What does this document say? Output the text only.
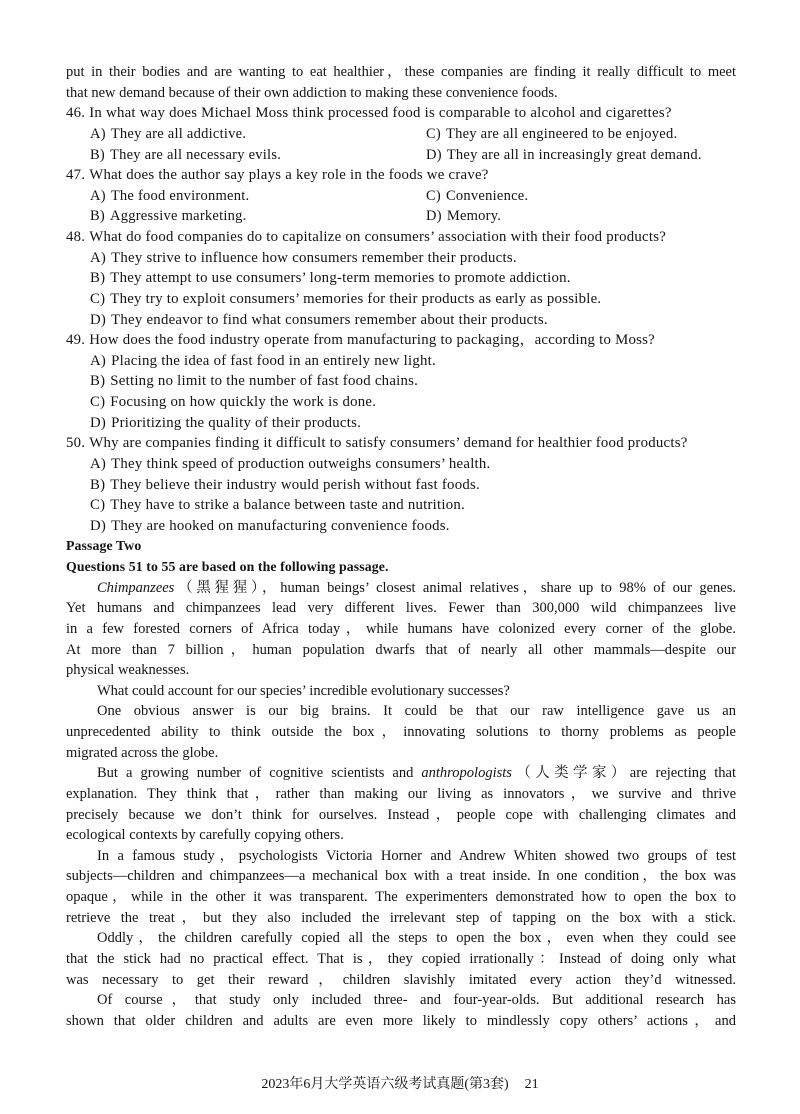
put in their bodies and are wanting to eat healthier，these companies are finding it really difficult to meet
that new demand because of their own addiction to making these convenience foods.
46. In what way does Michael Moss think processed food is comparable to alcohol and cigarettes?
A) They are all addictive.
B) They are all necessary evils.
C) They are all engineered to be enjoyed.
D) They are all in increasingly great demand.
47. What does the author say plays a key role in the foods we crave?
A) The food environment.
B) Aggressive marketing.
C) Convenience.
D) Memory.
48. What do food companies do to capitalize on consumers’ association with their food products?
A) They strive to influence how consumers remember their products.
B) They attempt to use consumers’ long-term memories to promote addiction.
C) They try to exploit consumers’ memories for their products as early as possible.
D) They endeavor to find what consumers remember about their products.
49. How does the food industry operate from manufacturing to packaging，according to Moss?
A) Placing the idea of fast food in an entirely new light.
B) Setting no limit to the number of fast food chains.
C) Focusing on how quickly the work is done.
D) Prioritizing the quality of their products.
50. Why are companies finding it difficult to satisfy consumers’ demand for healthier food products?
A) They think speed of production outweighs consumers’ health.
B) They believe their industry would perish without fast foods.
C) They have to strike a balance between taste and nutrition.
D) They are hooked on manufacturing convenience foods.
Passage Two
Questions 51 to 55 are based on the following passage.
Chimpanzees（黑猩猩），human beings’ closest animal relatives，share up to 98% of our genes.
Yet humans and chimpanzees lead very different lives. Fewer than 300,000 wild chimpanzees live
in a few forested corners of Africa today，while humans have colonized every corner of the globe.
At more than 7 billion，human population dwarfs that of nearly all other mammals—despite our
physical weaknesses.
What could account for our species’ incredible evolutionary successes?
One obvious answer is our big brains. It could be that our raw intelligence gave us an
unprecedented ability to think outside the box，innovating solutions to thorny problems as people
migrated across the globe.
But a growing number of cognitive scientists and anthropologists（人类学家）are rejecting that
explanation. They think that，rather than making our living as innovators，we survive and thrive
precisely because we don’t think for ourselves. Instead，people cope with challenging climates and
ecological contexts by carefully copying others.
In a famous study，psychologists Victoria Horner and Andrew Whiten showed two groups of test
subjects—children and chimpanzees—a mechanical box with a treat inside. In one condition，the box was
opaque，while in the other it was transparent. The experimenters demonstrated how to open the box to
retrieve the treat，but they also included the irrelevant step of tapping on the box with a stick.
Oddly，the children carefully copied all the steps to open the box，even when they could see
that the stick had no practical effect. That is，they copied irrationally：Instead of doing only what
was necessary to get their reward，children slavishly imitated every action they’d witnessed.
Of course，that study only included three- and four-year-olds. But additional research has
shown that older children and adults are even more likely to mindlessly copy others’ actions，and
2023年6月大学英语六级考试真题(第3套) 21
